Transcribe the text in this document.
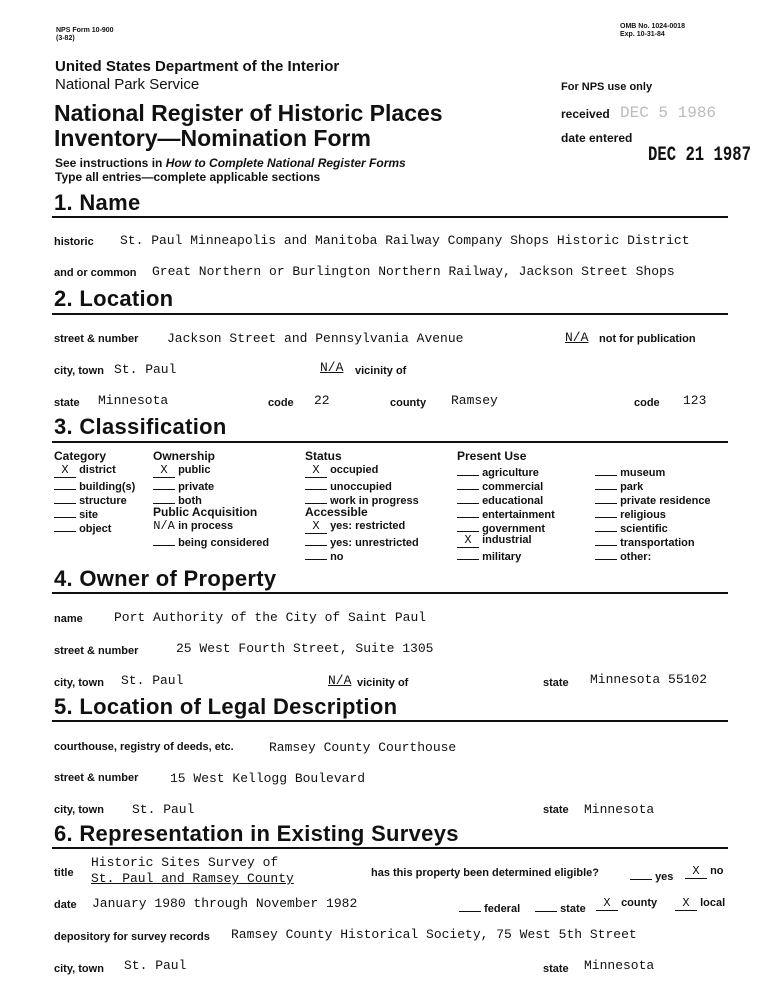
NPS Form 10-900
(3-82)
OMB No. 1024-0018
Exp. 10-31-84
United States Department of the Interior
National Park Service
National Register of Historic Places
Inventory—Nomination Form
See instructions in How to Complete National Register Forms
Type all entries—complete applicable sections
For NPS use only
received DEC 5 1986
date entered
DEC 21 1987
1. Name
historic St. Paul Minneapolis and Manitoba Railway Company Shops Historic District
and or common Great Northern or Burlington Northern Railway, Jackson Street Shops
2. Location
street & number Jackson Street and Pennsylvania Avenue	N/A not for publication
city, town St. Paul	N/A vicinity of
state Minnesota	code 22	county Ramsey	code 123
3. Classification
Category
X district
building(s)
structure
site
object
Ownership
X public
private
both
Public Acquisition
N/A in process
being considered
Status
X occupied
unoccupied
work in progress
Accessible
X yes: restricted
yes: unrestricted
no
Present Use
agriculture
commercial
educational
entertainment
government
X industrial
military
museum
park
private residence
religious
scientific
transportation
other:
4. Owner of Property
name Port Authority of the City of Saint Paul
street & number	25 West Fourth Street, Suite 1305
city, town St. Paul	N/A vicinity of	state Minnesota 55102
5. Location of Legal Description
courthouse, registry of deeds, etc.	Ramsey County Courthouse
street & number 15 West Kellogg Boulevard
city, town St. Paul	state Minnesota
6. Representation in Existing Surveys
title
Historic Sites Survey of
St. Paul and Ramsey County	has this property been determined eligible?	yes	X no
date January 1980 through November 1982	federal	state	X county	X local
depository for survey records Ramsey County Historical Society, 75 West 5th Street
city, town St. Paul	state Minnesota
